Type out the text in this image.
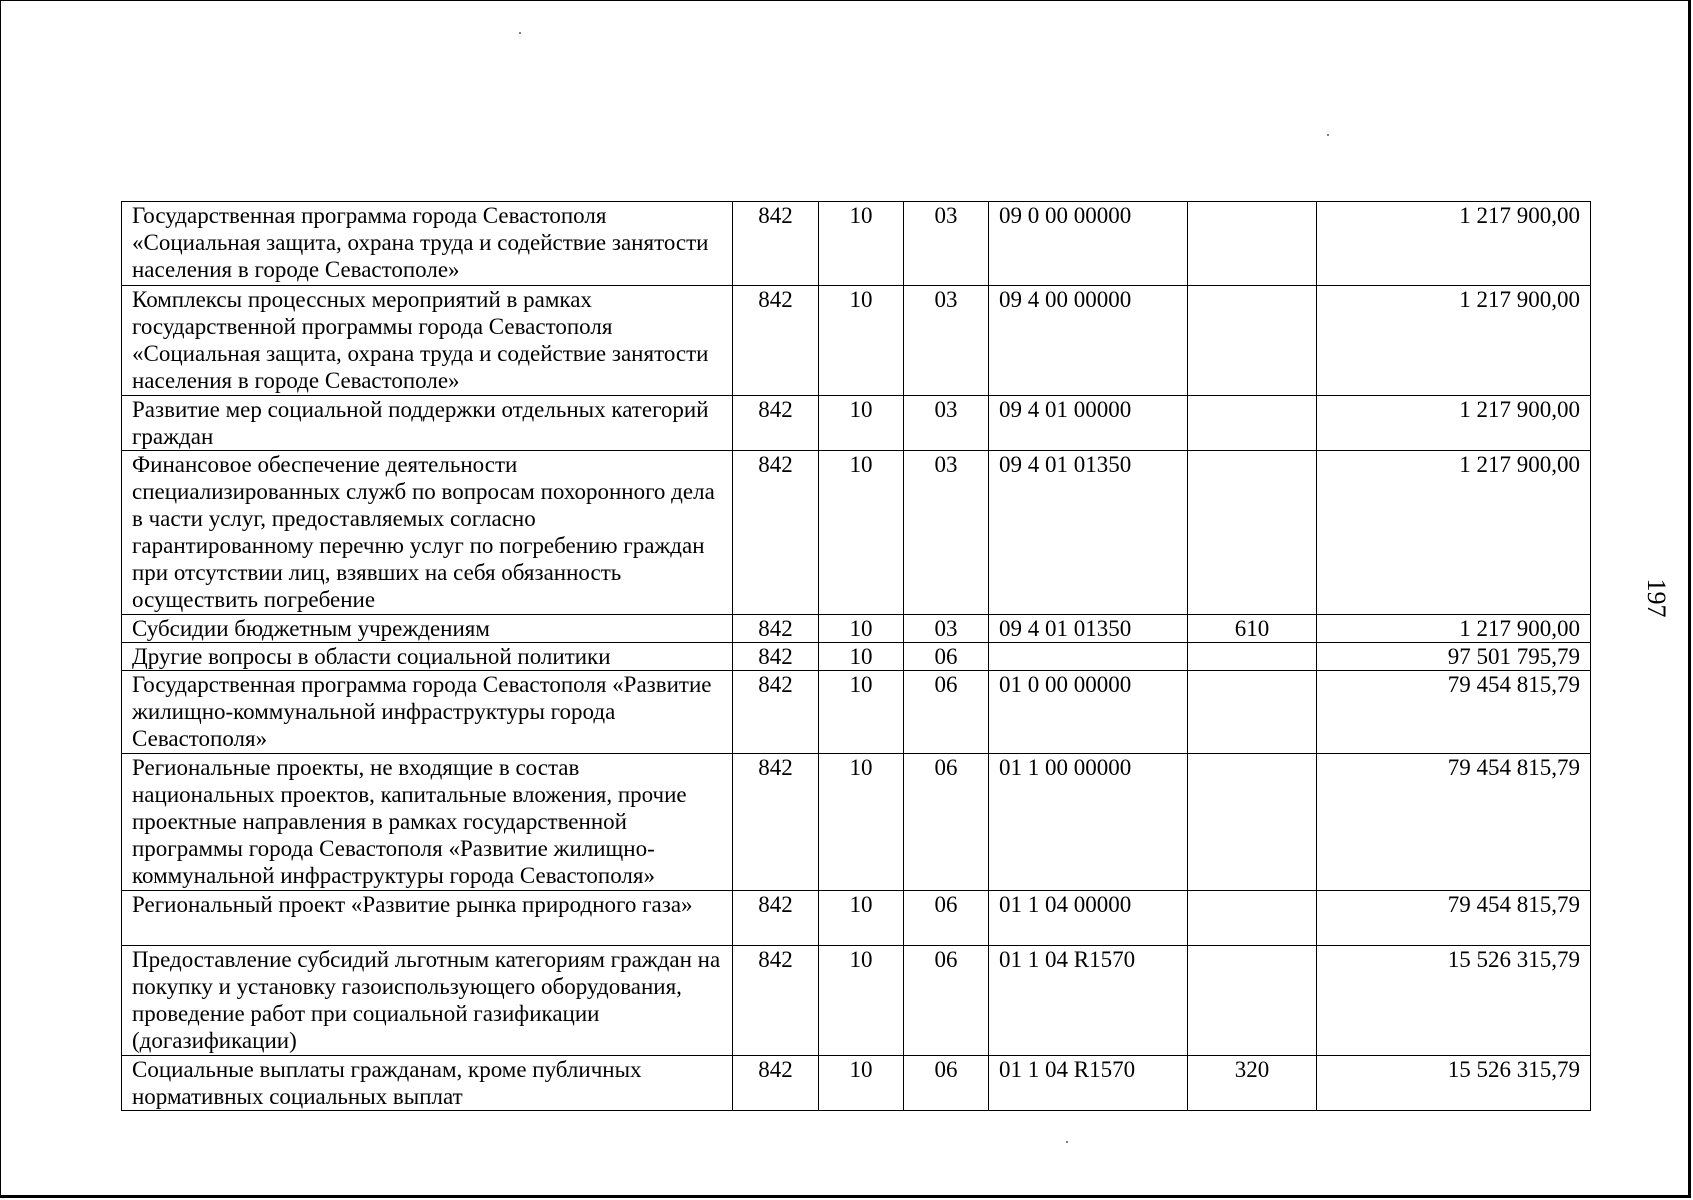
Государственная программа города Севастополя «Социальная защита, охрана труда и содействие занятости населения в городе Севастополе»	842	10	03	09 0 00 00000		1 217 900,00
Комплексы процессных мероприятий в рамках государственной программы города Севастополя «Социальная защита, охрана труда и содействие занятости населения в городе Севастополе»	842	10	03	09 4 00 00000		1 217 900,00
Развитие мер социальной поддержки отдельных категорий граждан	842	10	03	09 4 01 00000		1 217 900,00
Финансовое обеспечение деятельности специализированных служб по вопросам похоронного дела в части услуг, предоставляемых согласно гарантированному перечню услуг по погребению граждан при отсутствии лиц, взявших на себя обязанность осуществить погребение	842	10	03	09 4 01 01350		1 217 900,00
Субсидии бюджетным учреждениям	842	10	03	09 4 01 01350	610	1 217 900,00
Другие вопросы в области социальной политики	842	10	06			97 501 795,79
Государственная программа города Севастополя «Развитие жилищно-коммунальной инфраструктуры города Севастополя»	842	10	06	01 0 00 00000		79 454 815,79
Региональные проекты, не входящие в состав национальных проектов, капитальные вложения, прочие проектные направления в рамках государственной программы города Севастополя «Развитие жилищно-коммунальной инфраструктуры города Севастополя»	842	10	06	01 1 00 00000		79 454 815,79
Региональный проект «Развитие рынка природного газа»	842	10	06	01 1 04 00000		79 454 815,79
Предоставление субсидий льготным категориям граждан на покупку и установку газоиспользующего оборудования, проведение работ при социальной газификации (догазификации)	842	10	06	01 1 04 R1570		15 526 315,79
Социальные выплаты гражданам, кроме публичных нормативных социальных выплат	842	10	06	01 1 04 R1570	320	15 526 315,79
197
